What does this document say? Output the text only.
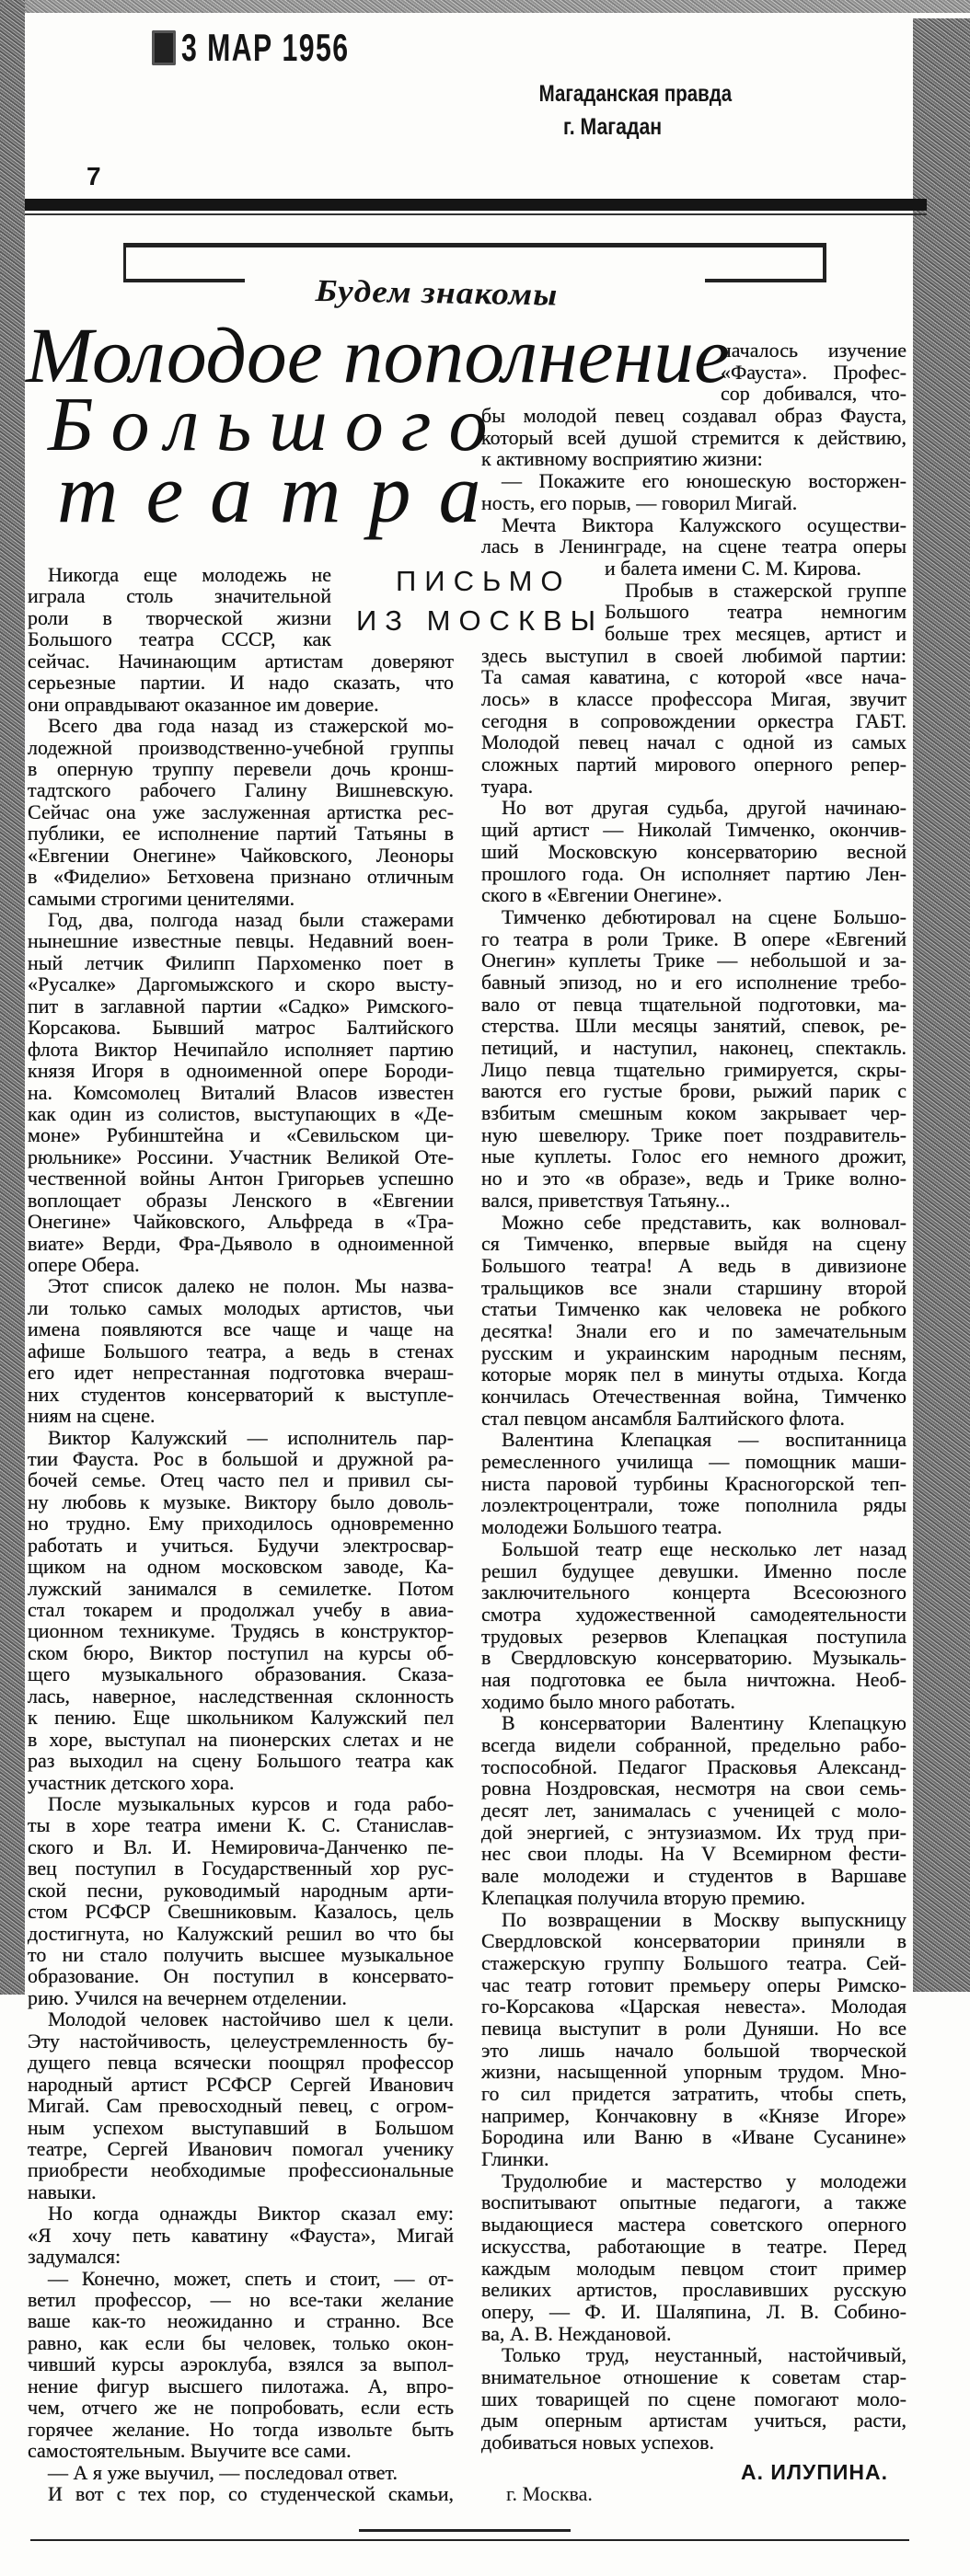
3 МАР 1956
Магаданская правда
г. Магадан
7
Будем знакомы
Молодое пополнение
Большого
театра
ПИСЬМО
ИЗ МОСКВЫ
Никогда еще молодежь не
играла столь значительной
роли в творческой жизни
Большого театра СССР, как
сейчас. Начинающим артистам доверяют
серьезные партии. И надо сказать, что
они оправдывают оказанное им доверие.
Всего два года назад из стажерской мо-
лодежной производственно-учебной группы
в оперную труппу перевели дочь кронш-
тадтского рабочего Галину Вишневскую.
Сейчас она уже заслуженная артистка рес-
публики, ее исполнение партий Татьяны в
«Евгении Онегине» Чайковского, Леоноры
в «Фиделио» Бетховена признано отличным
самыми строгими ценителями.
Год, два, полгода назад были стажерами
нынешние известные певцы. Недавний воен-
ный летчик Филипп Пархоменко поет в
«Русалке» Даргомыжского и скоро высту-
пит в заглавной партии «Садко» Римского-
Корсакова. Бывший матрос Балтийского
флота Виктор Нечипайло исполняет партию
князя Игоря в одноименной опере Бороди-
на. Комсомолец Виталий Власов известен
как один из солистов, выступающих в «Де-
моне» Рубинштейна и «Севильском ци-
рюльнике» Россини. Участник Великой Оте-
чественной войны Антон Григорьев успешно
воплощает образы Ленского в «Евгении
Онегине» Чайковского, Альфреда в «Тра-
виате» Верди, Фра-Дьяволо в одноименной
опере Обера.
Этот список далеко не полон. Мы назва-
ли только самых молодых артистов, чьи
имена появляются все чаще и чаще на
афише Большого театра, а ведь в стенах
его идет непрестанная подготовка вчераш-
них студентов консерваторий к выступле-
ниям на сцене.
Виктор Калужский — исполнитель пар-
тии Фауста. Рос в большой и дружной ра-
бочей семье. Отец часто пел и привил сы-
ну любовь к музыке. Виктору было доволь-
но трудно. Ему приходилось одновременно
работать и учиться. Будучи электросвар-
щиком на одном московском заводе, Ка-
лужский занимался в семилетке. Потом
стал токарем и продолжал учебу в авиа-
ционном техникуме. Трудясь в конструктор-
ском бюро, Виктор поступил на курсы об-
щего музыкального образования. Сказа-
лась, наверное, наследственная склонность
к пению. Еще школьником Калужский пел
в хоре, выступал на пионерских слетах и не
раз выходил на сцену Большого театра как
участник детского хора.
После музыкальных курсов и года рабо-
ты в хоре театра имени К. С. Станислав-
ского и Вл. И. Немировича-Данченко пе-
вец поступил в Государственный хор рус-
ской песни, руководимый народным арти-
стом РСФСР Свешниковым. Казалось, цель
достигнута, но Калужский решил во что бы
то ни стало получить высшее музыкальное
образование. Он поступил в консервато-
рию. Учился на вечернем отделении.
Молодой человек настойчиво шел к цели.
Эту настойчивость, целеустремленность бу-
дущего певца всячески поощрял профессор
народный артист РСФСР Сергей Иванович
Мигай. Сам превосходный певец, с огром-
ным успехом выступавший в Большом
театре, Сергей Иванович помогал ученику
приобрести необходимые профессиональные
навыки.
Но когда однажды Виктор сказал ему:
«Я хочу петь каватину «Фауста», Мигай
задумался:
— Конечно, может, спеть и стоит, — от-
ветил профессор, — но все-таки желание
ваше как-то неожиданно и странно. Все
равно, как если бы человек, только окон-
чивший курсы аэроклуба, взялся за выпол-
нение фигур высшего пилотажа. А, впро-
чем, отчего же не попробовать, если есть
горячее желание. Но тогда извольте быть
самостоятельным. Выучите все сами.
— А я уже выучил, — последовал ответ.
И вот с тех пор, со студенческой скамьи,
началось изучение
«Фауста». Профес-
сор добивался, что-
бы молодой певец создавал образ Фауста,
который всей душой стремится к действию,
к активному восприятию жизни:
— Покажите его юношескую восторжен-
ность, его порыв, — говорил Мигай.
Мечта Виктора Калужского осуществи-
лась в Ленинграде, на сцене театра оперы
и балета имени С. М. Кирова.
Пробыв в стажерской группе
Большого театра немногим
больше трех месяцев, артист и
здесь выступил в своей любимой партии:
Та самая каватина, с которой «все нача-
лось» в классе профессора Мигая, звучит
сегодня в сопровождении оркестра ГАБТ.
Молодой певец начал с одной из самых
сложных партий мирового оперного репер-
туара.
Но вот другая судьба, другой начинаю-
щий артист — Николай Тимченко, окончив-
ший Московскую консерваторию весной
прошлого года. Он исполняет партию Лен-
ского в «Евгении Онегине».
Тимченко дебютировал на сцене Большо-
го театра в роли Трике. В опере «Евгений
Онегин» куплеты Трике — небольшой и за-
бавный эпизод, но и его исполнение требо-
вало от певца тщательной подготовки, ма-
стерства. Шли месяцы занятий, спевок, ре-
петиций, и наступил, наконец, спектакль.
Лицо певца тщательно гримируется, скры-
ваются его густые брови, рыжий парик с
взбитым смешным коком закрывает чер-
ную шевелюру. Трике поет поздравитель-
ные куплеты. Голос его немного дрожит,
но и это «в образе», ведь и Трике волно-
вался, приветствуя Татьяну...
Можно себе представить, как волновал-
ся Тимченко, впервые выйдя на сцену
Большого театра! А ведь в дивизионе
тральщиков все знали старшину второй
статьи Тимченко как человека не робкого
десятка! Знали его и по замечательным
русским и украинским народным песням,
которые моряк пел в минуты отдыха. Когда
кончилась Отечественная война, Тимченко
стал певцом ансамбля Балтийского флота.
Валентина Клепацкая — воспитанница
ремесленного училища — помощник маши-
ниста паровой турбины Красногорской теп-
лоэлектроцентрали, тоже пополнила ряды
молодежи Большого театра.
Большой театр еще несколько лет назад
решил будущее девушки. Именно после
заключительного концерта Всесоюзного
смотра художественной самодеятельности
трудовых резервов Клепацкая поступила
в Свердловскую консерваторию. Музыкаль-
ная подготовка ее была ничтожна. Необ-
ходимо было много работать.
В консерватории Валентину Клепацкую
всегда видели собранной, предельно рабо-
тоспособной. Педагог Прасковья Александ-
ровна Ноздровская, несмотря на свои семь-
десят лет, занималась с ученицей с моло-
дой энергией, с энтузиазмом. Их труд при-
нес свои плоды. На V Всемирном фести-
вале молодежи и студентов в Варшаве
Клепацкая получила вторую премию.
По возвращении в Москву выпускницу
Свердловской консерватории приняли в
стажерскую группу Большого театра. Сей-
час театр готовит премьеру оперы Римско-
го-Корсакова «Царская невеста». Молодая
певица выступит в роли Дуняши. Но все
это лишь начало большой творческой
жизни, насыщенной упорным трудом. Мно-
го сил придется затратить, чтобы спеть,
например, Кончаковну в «Князе Игоре»
Бородина или Ваню в «Иване Сусанине»
Глинки.
Трудолюбие и мастерство у молодежи
воспитывают опытные педагоги, а также
выдающиеся мастера советского оперного
искусства, работающие в театре. Перед
каждым молодым певцом стоит пример
великих артистов, прославивших русскую
оперу, — Ф. И. Шаляпина, Л. В. Собино-
ва, А. В. Неждановой.
Только труд, неустанный, настойчивый,
внимательное отношение к советам стар-
ших товарищей по сцене помогают моло-
дым оперным артистам учиться, расти,
добиваться новых успехов.
А. ИЛУПИНА.
г. Москва.
